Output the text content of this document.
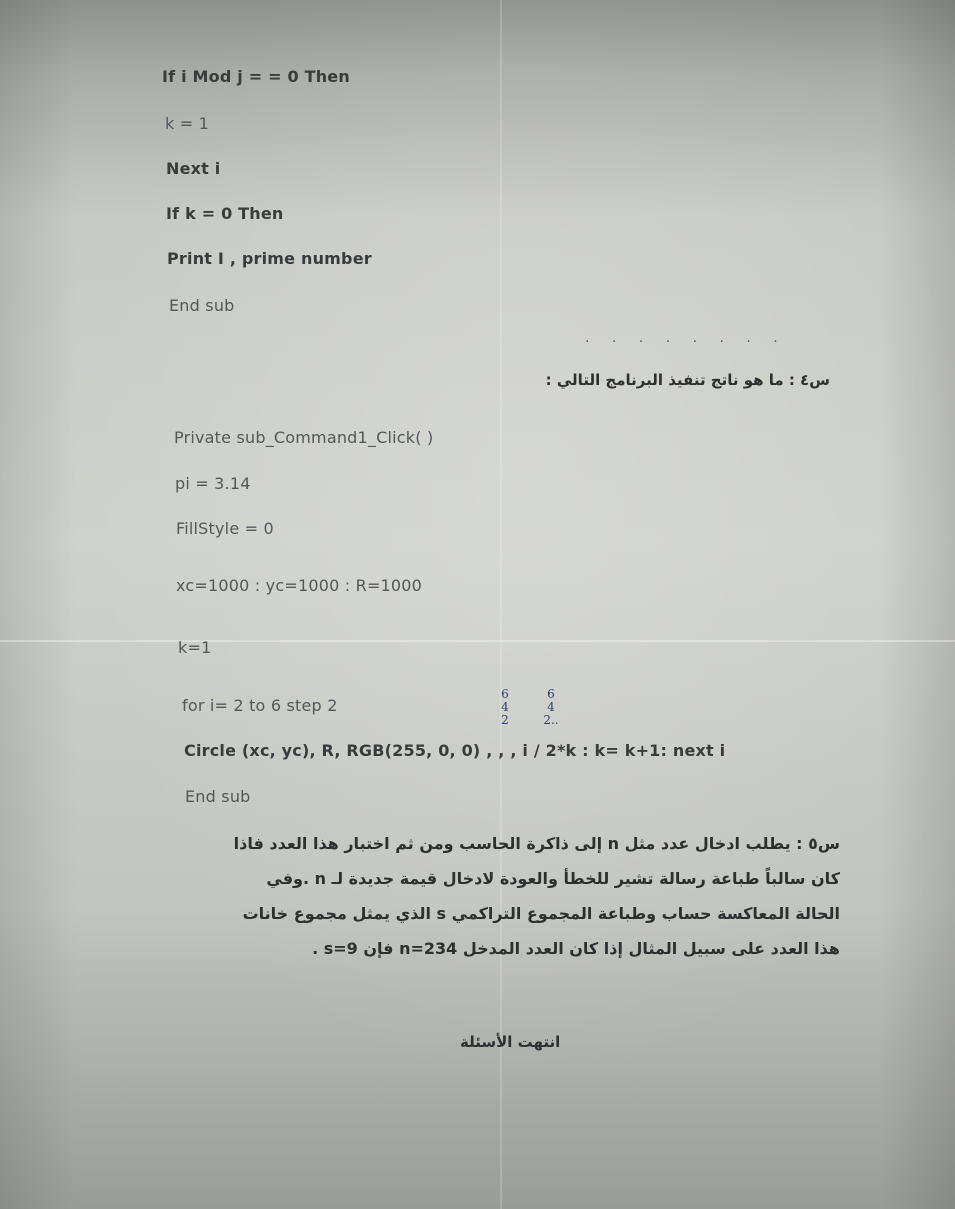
If i Mod j = = 0 Then
k = 1
Next i
If k = 0 Then
Print I , prime number
End sub
. . . . . . . .
س٤ : ما هو ناتج تنفيذ البرنامج التالي :
Private sub_Command1_Click( )
pi = 3.14
FillStyle = 0
xc=1000 : yc=1000 : R=1000
k=1
for i= 2 to 6 step 2
Circle (xc, yc), R, RGB(255, 0, 0) , , , i / 2*k : k= k+1: next i
End sub
6
4
2
6
4
2..
س٥ : يطلب ادخال عدد مثل n إلى ذاكرة الحاسب ومن ثم اختبار هذا العدد فاذا
كان سالباً طباعة رسالة تشير للخطأ والعودة لادخال قيمة جديدة لـ n .وفي
الحالة المعاكسة حساب وطباعة المجموع التراكمي s الذي يمثل مجموع خانات
هذا العدد على سبيل المثال إذا كان العدد المدخل n=234 فإن s=9 .
انتهت الأسئلة
